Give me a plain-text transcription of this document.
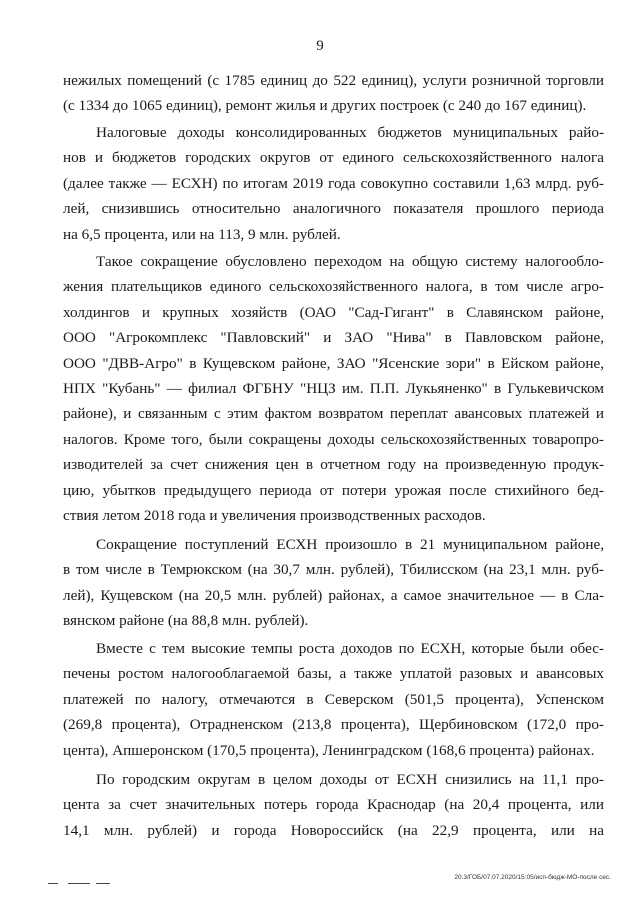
9
нежилых помещений (с 1785 единиц до 522 единиц), услуги розничной торговли
(с 1334 до 1065 единиц), ремонт жилья и других построек (с 240 до 167 единиц).
Налоговые доходы консолидированных бюджетов муниципальных райо-
нов и бюджетов городских округов от единого сельскохозяйственного налога
(далее также — ЕСХН) по итогам 2019 года совокупно составили 1,63 млрд. руб-
лей, снизившись относительно аналогичного показателя прошлого периода
на 6,5 процента, или на 113, 9 млн. рублей.
Такое сокращение обусловлено переходом на общую систему налогообло-
жения плательщиков единого сельскохозяйственного налога, в том числе агро-
холдингов и крупных хозяйств (ОАО "Сад-Гигант" в Славянском районе,
ООО "Агрокомплекс "Павловский" и ЗАО "Нива" в Павловском районе,
ООО "ДВВ-Агро" в Кущевском районе, ЗАО "Ясенские зори" в Ейском районе,
НПХ "Кубань" — филиал ФГБНУ "НЦЗ им. П.П. Лукьяненко" в Гулькевичском
районе), и связанным с этим фактом возвратом переплат авансовых платежей и
налогов. Кроме того, были сокращены доходы сельскохозяйственных товаропро-
изводителей за счет снижения цен в отчетном году на произведенную продук-
цию, убытков предыдущего периода от потери урожая после стихийного бед-
ствия летом 2018 года и увеличения производственных расходов.
Сокращение поступлений ЕСХН произошло в 21 муниципальном районе,
в том числе в Темрюкском (на 30,7 млн. рублей), Тбилисском (на 23,1 млн. руб-
лей), Кущевском (на 20,5 млн. рублей) районах, а самое значительное — в Сла-
вянском районе (на 88,8 млн. рублей).
Вместе с тем высокие темпы роста доходов по ЕСХН, которые были обес-
печены ростом налогооблагаемой базы, а также уплатой разовых и авансовых
платежей по налогу, отмечаются в Северском (501,5 процента), Успенском
(269,8 процента), Отрадненском (213,8 процента), Щербиновском (172,0 про-
цента), Апшеронском (170,5 процента), Ленинградском (168,6 процента) районах.
По городским округам в целом доходы от ЕСХН снизились на 11,1 про-
цента за счет значительных потерь города Краснодар (на 20,4 процента, или
14,1 млн. рублей) и города Новороссийск (на 22,9 процента, или на
20.3/ГОБ/07.07.2020/15:05/исп-бюдж-МО-после сес.
